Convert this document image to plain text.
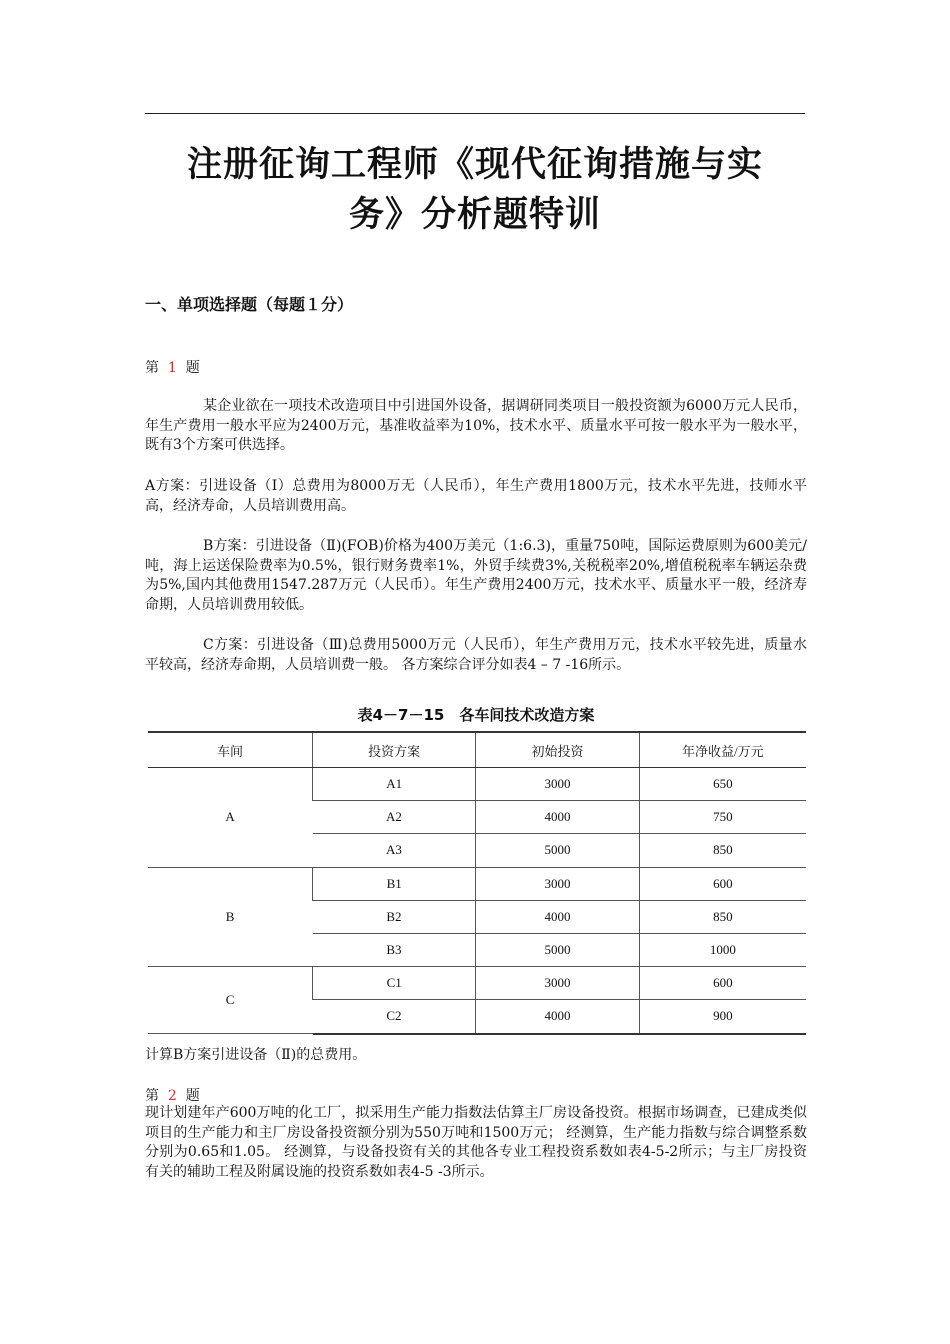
注册征询工程师《现代征询措施与实
务》分析题特训
一、单项选择题（每题１分）
第 1 题

某企业欲在一项技术改造项目中引进国外设备，据调研同类项目一般投资额为6000万元人民币，年生产费用一般水平应为2400万元，基准收益率为10%，技术水平、质量水平可按一般水平为一般水平，既有3个方案可供选择。

A方案：引进设备（Ⅰ）总费用为8000万无（人民币），年生产费用1800万元，技术水平先进，技师水平高，经济寿命，人员培训费用高。

B方案：引进设备（Ⅱ)(FOB)价格为400万美元（1:6.3)，重量750吨，国际运费原则为600美元/吨，海上运送保险费率为0.5%，银行财务费率1%，外贸手续费3%,关税税率20%,增值税税率车辆运杂费为5%,国内其他费用1547.287万元（人民币）。年生产费用2400万元，技术水平、质量水平一般，经济寿命期，人员培训费用较低。

C方案：引进设备（Ⅲ)总费用5000万元（人民币），年生产费用万元，技术水平较先进，质量水平较高，经济寿命期，人员培训费一般。 各方案综合评分如表4 – 7 -16所示。

表4－7－15　各车间技术改造方案
车间	投资方案	初始投资	年净收益/万元
A	A1	3000	650
	A2	4000	750
	A3	5000	850
B	B1	3000	600
	B2	4000	850
	B3	5000	1000
C	C1	3000	600
	C2	4000	900

计算B方案引进设备（Ⅱ)的总费用。

第 2 题

现计划建年产600万吨的化工厂，拟采用生产能力指数法估算主厂房设备投资。根据市场调查，已建成类似项目的生产能力和主厂房设备投资额分别为550万吨和1500万元； 经测算，生产能力指数与综合调整系数分别为0.65和1.05。 经测算，与设备投资有关的其他各专业工程投资系数如表4-5-2所示；与主厂房投资有关的辅助工程及附属设施的投资系数如表4-5 -3所示。
